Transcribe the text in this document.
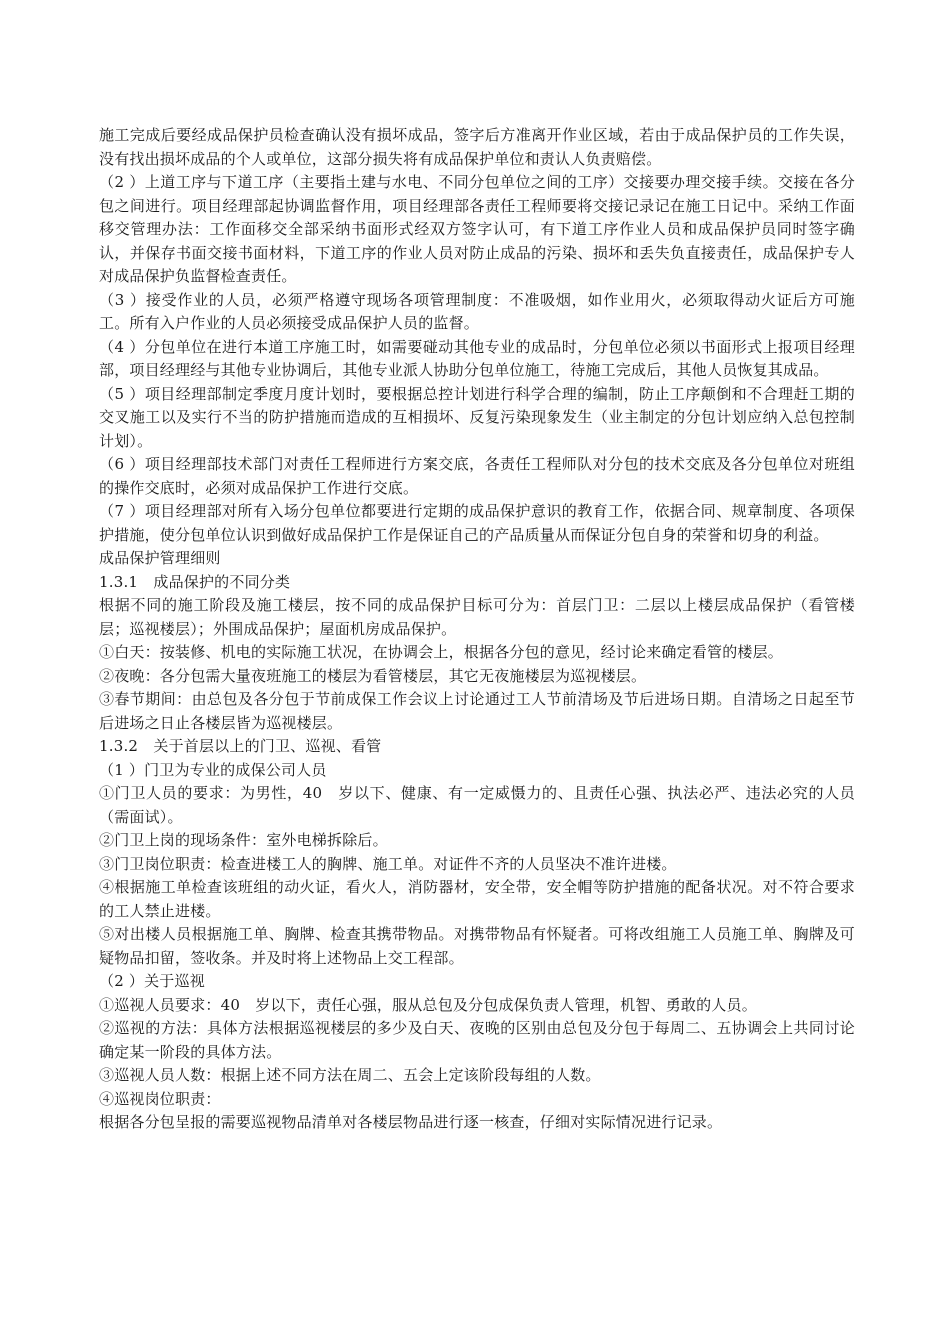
施工完成后要经成品保护员检查确认没有损坏成品，签字后方准离开作业区域，若由于成品保护员的工作失误，没有找出损坏成品的个人或单位，这部分损失将有成品保护单位和责认人负责赔偿。

（2 ）上道工序与下道工序（主要指土建与水电、不同分包单位之间的工序）交接要办理交接手续。交接在各分包之间进行。项目经理部起协调监督作用，项目经理部各责任工程师要将交接记录记在施工日记中。采纳工作面移交管理办法：工作面移交全部采纳书面形式经双方签字认可，有下道工序作业人员和成品保护员同时签字确认，并保存书面交接书面材料，下道工序的作业人员对防止成品的污染、损坏和丢失负直接责任，成品保护专人对成品保护负监督检查责任。

（3 ）接受作业的人员，必须严格遵守现场各项管理制度：不准吸烟，如作业用火，必须取得动火证后方可施工。所有入户作业的人员必须接受成品保护人员的监督。

（4 ）分包单位在进行本道工序施工时，如需要碰动其他专业的成品时，分包单位必须以书面形式上报项目经理部，项目经理经与其他专业协调后，其他专业派人协助分包单位施工，待施工完成后，其他人员恢复其成品。

（5 ）项目经理部制定季度月度计划时，要根据总控计划进行科学合理的编制，防止工序颠倒和不合理赶工期的交叉施工以及实行不当的防护措施而造成的互相损坏、反复污染现象发生（业主制定的分包计划应纳入总包控制计划）。

（6 ）项目经理部技术部门对责任工程师进行方案交底，各责任工程师队对分包的技术交底及各分包单位对班组的操作交底时，必须对成品保护工作进行交底。

（7 ）项目经理部对所有入场分包单位都要进行定期的成品保护意识的教育工作，依据合同、规章制度、各项保护措施，使分包单位认识到做好成品保护工作是保证自己的产品质量从而保证分包自身的荣誉和切身的利益。

成品保护管理细则

1.3.1　成品保护的不同分类

根据不同的施工阶段及施工楼层，按不同的成品保护目标可分为：首层门卫：二层以上楼层成品保护（看管楼层；巡视楼层）；外围成品保护；屋面机房成品保护。

①白天：按装修、机电的实际施工状况，在协调会上，根据各分包的意见，经讨论来确定看管的楼层。

②夜晚：各分包需大量夜班施工的楼层为看管楼层，其它无夜施楼层为巡视楼层。

③春节期间：由总包及各分包于节前成保工作会议上讨论通过工人节前清场及节后进场日期。自清场之日起至节后进场之日止各楼层皆为巡视楼层。

1.3.2　关于首层以上的门卫、巡视、看管

（1 ）门卫为专业的成保公司人员

①门卫人员的要求：为男性，40　岁以下、健康、有一定威慑力的、且责任心强、执法必严、违法必究的人员（需面试）。

②门卫上岗的现场条件：室外电梯拆除后。

③门卫岗位职责：检查进楼工人的胸牌、施工单。对证件不齐的人员坚决不准许进楼。

④根据施工单检查该班组的动火证，看火人，消防器材，安全带，安全帽等防护措施的配备状况。对不符合要求的工人禁止进楼。

⑤对出楼人员根据施工单、胸牌、检查其携带物品。对携带物品有怀疑者。可将改组施工人员施工单、胸牌及可疑物品扣留，签收条。并及时将上述物品上交工程部。

（2 ）关于巡视

①巡视人员要求：40　岁以下，责任心强，服从总包及分包成保负责人管理，机智、勇敢的人员。

②巡视的方法：具体方法根据巡视楼层的多少及白天、夜晚的区别由总包及分包于每周二、五协调会上共同讨论确定某一阶段的具体方法。

③巡视人员人数：根据上述不同方法在周二、五会上定该阶段每组的人数。

④巡视岗位职责：

根据各分包呈报的需要巡视物品清单对各楼层物品进行逐一核查，仔细对实际情况进行记录。
